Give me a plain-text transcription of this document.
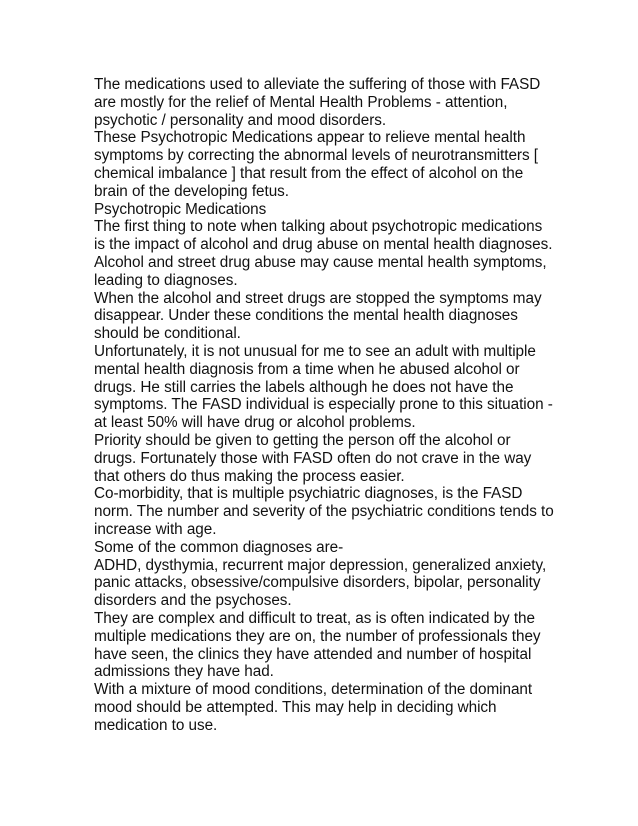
The medications used to alleviate the suffering of those with FASD are mostly for the relief of Mental Health Problems - attention, psychotic / personality and mood disorders.

These Psychotropic Medications appear to relieve mental health symptoms by correcting the abnormal levels of neurotransmitters [ chemical imbalance ] that result from the effect of alcohol on the brain of the developing fetus.

Psychotropic Medications

The first thing to note when talking about psychotropic medications is the impact of alcohol and drug abuse on mental health diagnoses. Alcohol and street drug abuse may cause mental health symptoms, leading to diagnoses.

When the alcohol and street drugs are stopped the symptoms may disappear. Under these conditions the mental health diagnoses should be conditional.

Unfortunately, it is not unusual for me to see an adult with multiple mental health diagnosis from a time when he abused alcohol or drugs. He still carries the labels although he does not have the symptoms. The FASD individual is especially prone to this situation - at least 50% will have drug or alcohol problems.

Priority should be given to getting the person off the alcohol or drugs. Fortunately those with FASD often do not crave in the way that others do thus making the process easier.

Co-morbidity, that is multiple psychiatric diagnoses, is the FASD norm. The number and severity of the psychiatric conditions tends to increase with age.

Some of the common diagnoses are-

ADHD, dysthymia, recurrent major depression, generalized anxiety, panic attacks, obsessive/compulsive disorders, bipolar, personality disorders and the psychoses.

They are complex and difficult to treat, as is often indicated by the multiple medications they are on, the number of professionals they have seen, the clinics they have attended and number of hospital admissions they have had.

With a mixture of mood conditions, determination of the dominant mood should be attempted. This may help in deciding which medication to use.
